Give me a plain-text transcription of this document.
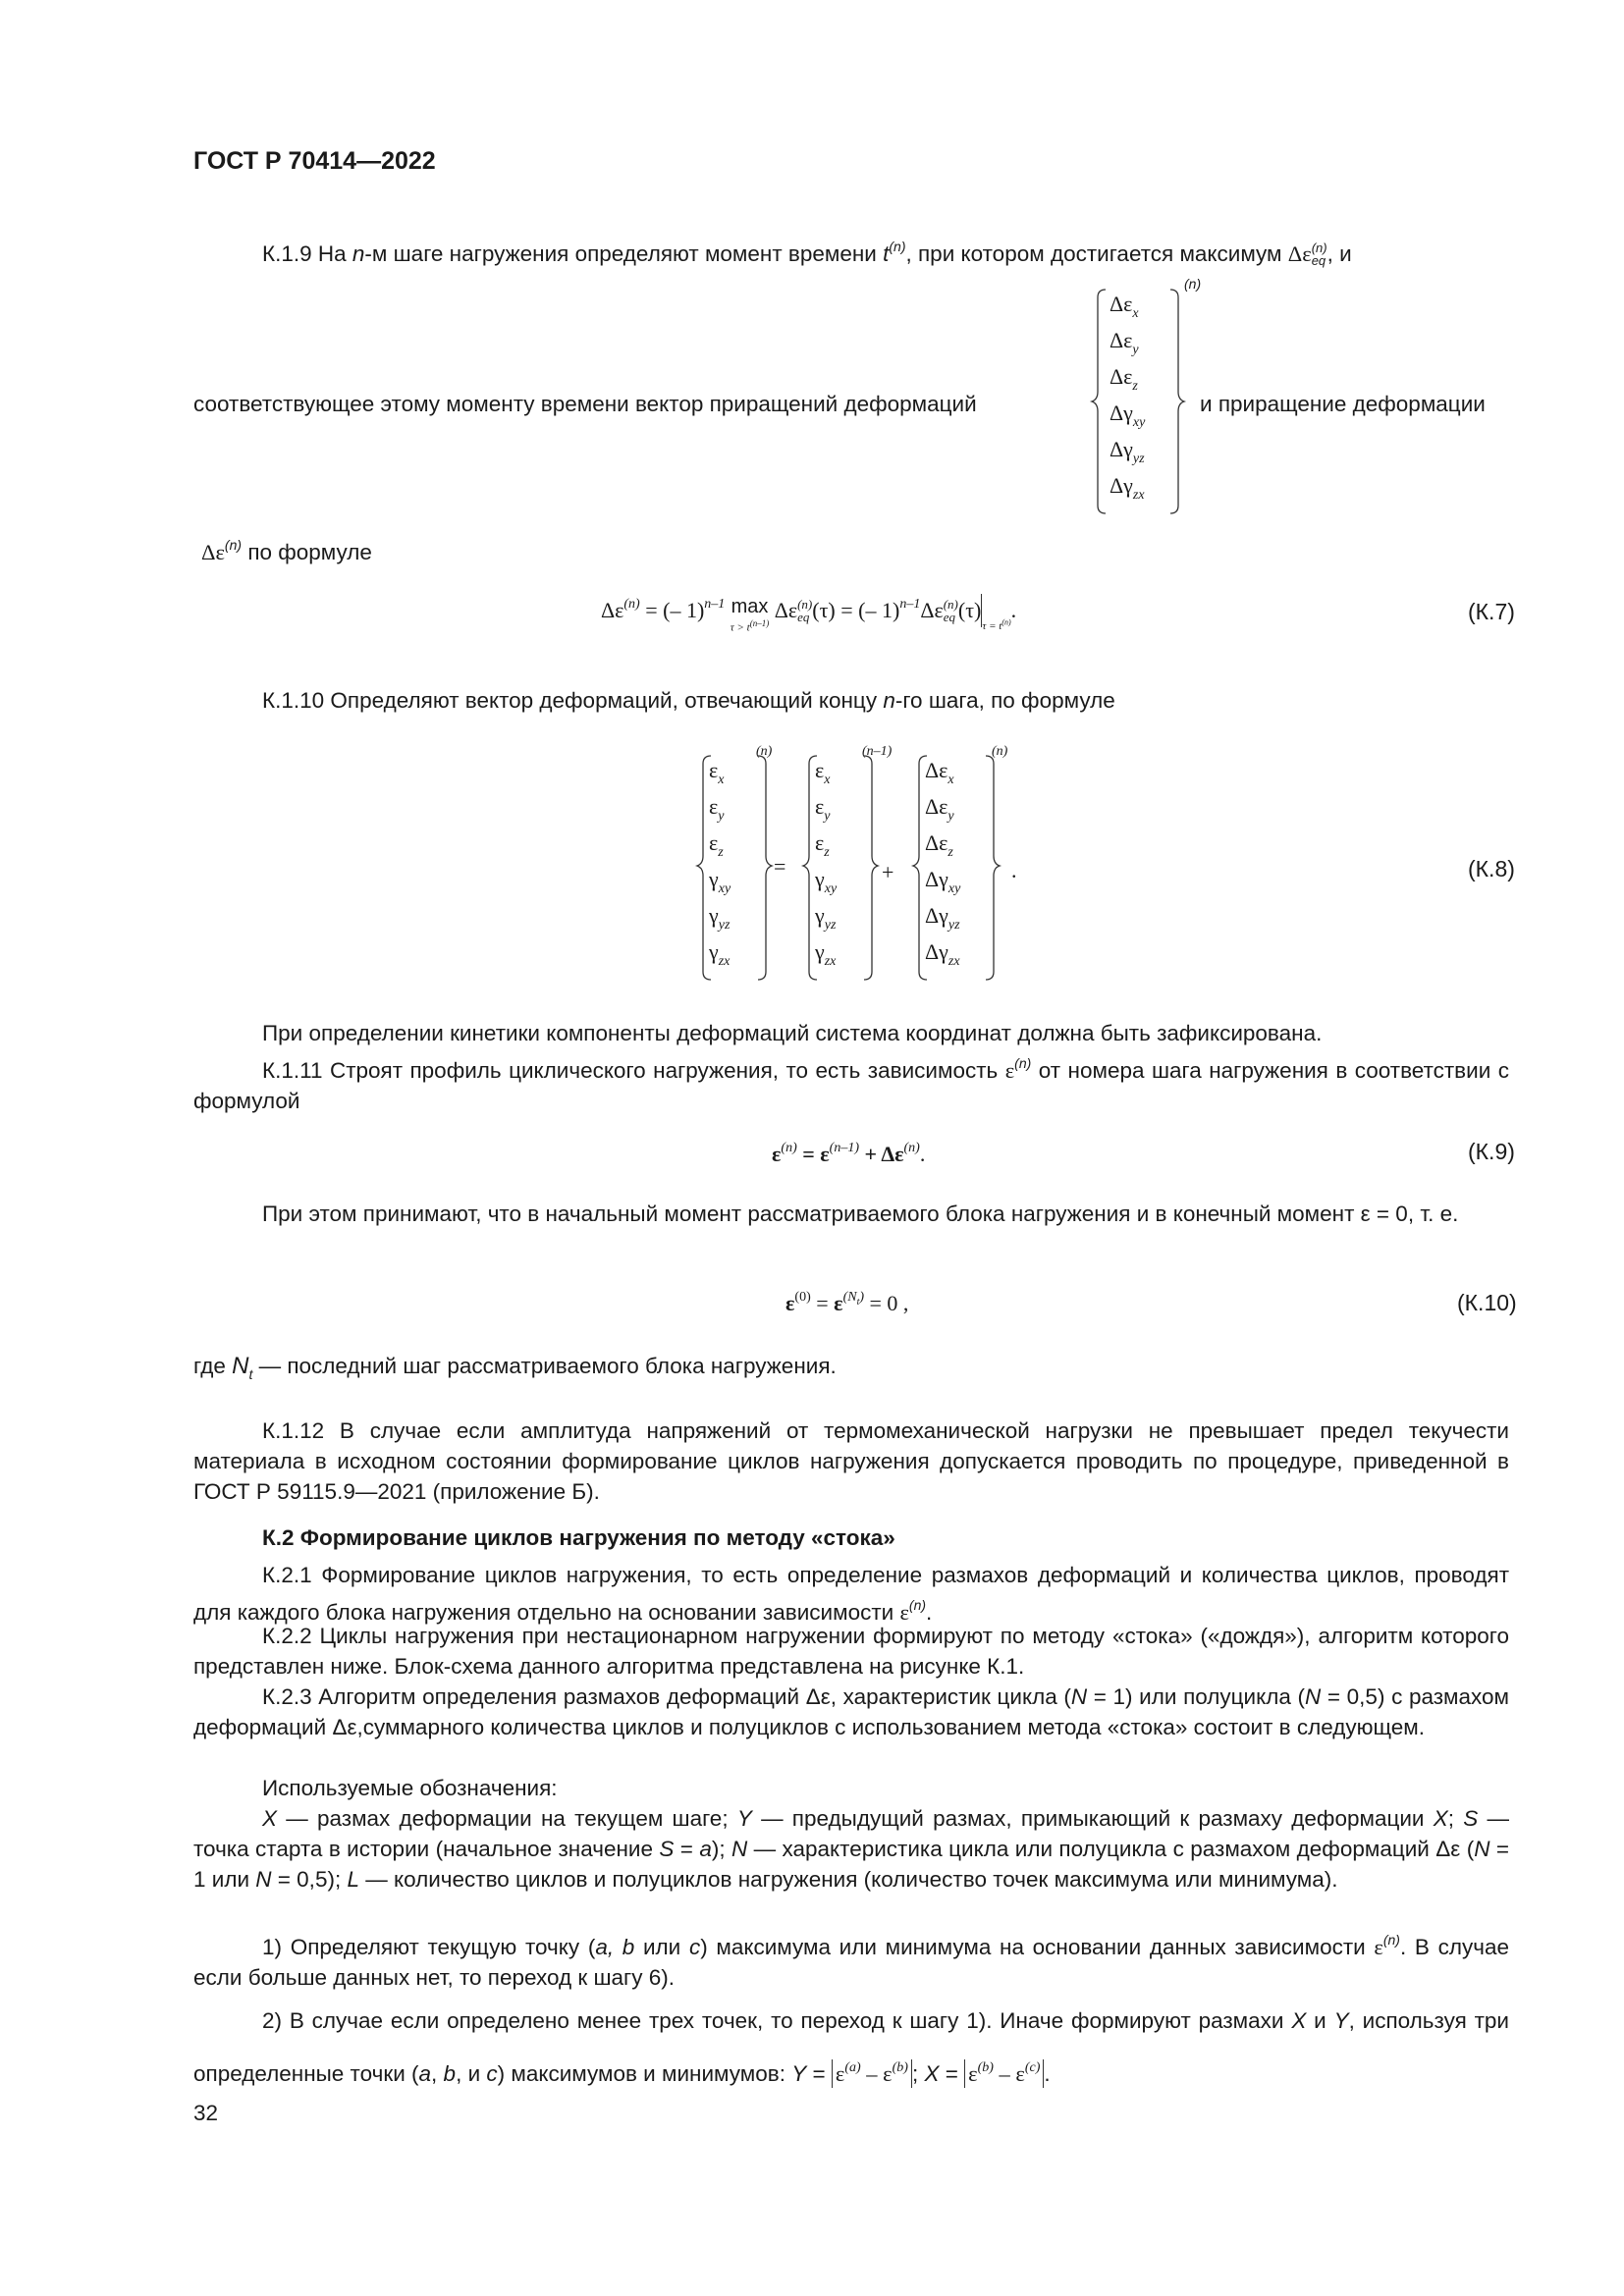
ГОСТ Р 70414—2022
К.1.9 На n-м шаге нагружения определяют момент времени $t^{(n)}$, при котором достигается максимум Δε (n)
eq , и
$\Delta\varepsilon_x$
$\Delta\varepsilon_y$
$\Delta\varepsilon_z$
$\Delta\gamma_{xy}$
$\Delta\gamma_{yz}$
$\Delta\gamma_{zx}$
(n)
соответствующее этому моменту времени вектор приращений деформаций	и приращение деформации
$\Delta\varepsilon^{(n)}$ по формуле
$\Delta\varepsilon^{(n)}$ = (– 1)$^{n-1}$ max
$\tau > t^{(n-1)}$
Δε (n)
eq (τ) = (– 1)$^{n-1}$Δε (n)
eq $(\tau)_{\tau = t^{(n)}}$.	(К.7)
К.1.10 Определяют вектор деформаций, отвечающий концу n-го шага, по формуле
$\varepsilon_x$
$\varepsilon_y$
$\varepsilon_z$
$\gamma_{xy}$
$\gamma_{yz}$
$\gamma_{zx}$
(n)
=
$\varepsilon_x$
$\varepsilon_y$
$\varepsilon_z$
$\gamma_{xy}$
$\gamma_{yz}$
$\gamma_{zx}$
(n–1)
+
$\Delta\varepsilon_x$
$\Delta\varepsilon_y$
$\Delta\varepsilon_z$
$\Delta\gamma_{xy}$
$\Delta\gamma_{yz}$
$\Delta\gamma_{zx}$
(n)
.	(К.8)

При определении кинетики компоненты деформаций система координат должна быть зафиксирована.

К.1.11 Строят профиль циклического нагружения, то есть зависимость $\varepsilon^{(n)}$ от номера шага нагружения в соответствии с формулой

$\varepsilon^{(n)} = \varepsilon^{(n-1)} + \Delta\varepsilon^{(n)}$.	(К.9)

При этом принимают, что в начальный момент рассматриваемого блока нагружения и в конечный момент ε = 0, т. е.

$\varepsilon^{(0)} = \varepsilon^{(N_t)} = 0$ ,	(К.10)
где $N_t$ — последний шаг рассматриваемого блока нагружения.

К.1.12 В случае если амплитуда напряжений от термомеханической нагрузки не превышает предел текучести материала в исходном состоянии формирование циклов нагружения допускается проводить по процедуре, приведенной в ГОСТ Р 59115.9—2021 (приложение Б).

К.2 Формирование циклов нагружения по методу «стока»

К.2.1 Формирование циклов нагружения, то есть определение размахов деформаций и количества циклов, проводят для каждого блока нагружения отдельно на основании зависимости $\varepsilon^{(n)}$.

К.2.2 Циклы нагружения при нестационарном нагружении формируют по методу «стока» («дождя»), алгоритм которого представлен ниже. Блок-схема данного алгоритма представлена на рисунке К.1.

К.2.3 Алгоритм определения размахов деформаций Δε, характеристик цикла (N = 1) или полуцикла (N = 0,5) с размахом деформаций Δε,суммарного количества циклов и полуциклов с использованием метода «стока» состоит в следующем.

Используемые обозначения:

X — размах деформации на текущем шаге; Y — предыдущий размах, примыкающий к размаху деформации X; S — точка старта в истории (начальное значение S = a); N — характеристика цикла или полуцикла с размахом деформаций Δε (N = 1 или N = 0,5); L — количество циклов и полуциклов нагружения (количество точек максимума или минимума).

1) Определяют текущую точку (a, b или c) максимума или минимума на основании данных зависимости $\varepsilon^{(n)}$. В случае если больше данных нет, то переход к шагу 6).

2) В случае если определено менее трех точек, то переход к шагу 1). Иначе формируют размахи X и Y, используя три определенные точки (a, b, и c) максимумов и минимумов: $Y = \varepsilon^{(a)} - \varepsilon^{(b)}$ ; $X = \varepsilon^{(b)} - \varepsilon^{(c)}$ .

32
